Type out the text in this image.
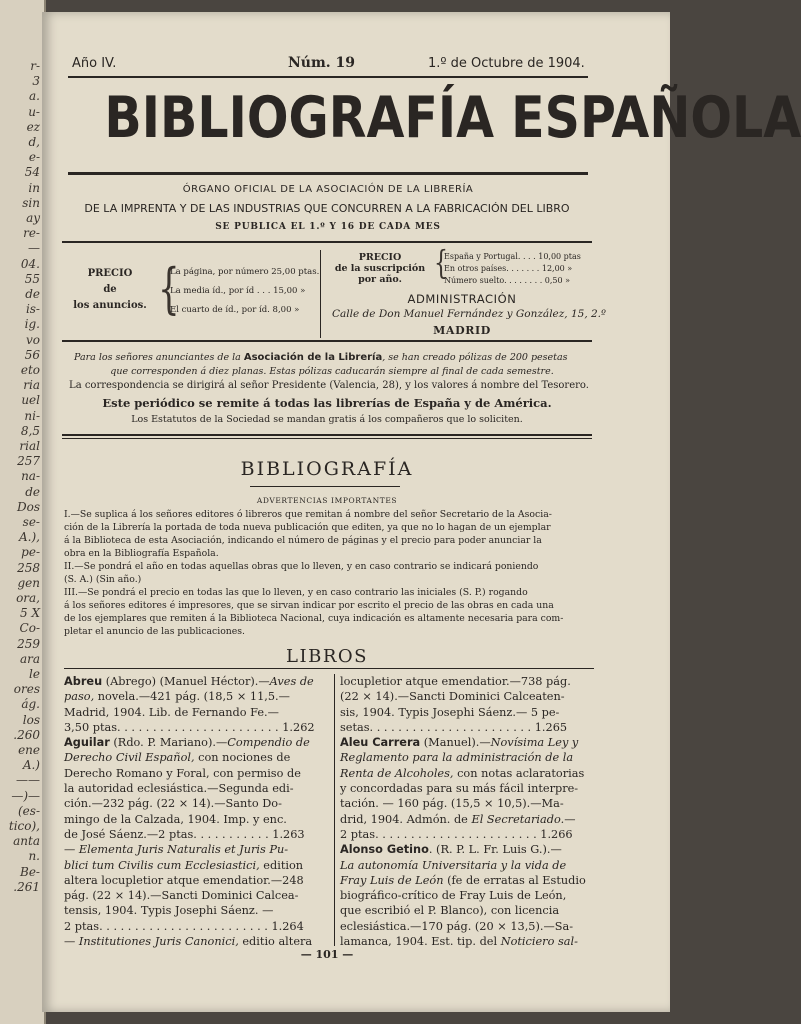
r-
3
a.
u-
ez
d,
e-
54
in
sin
ay
re-
—
04.
55
de
is-
ig.
vo
56
eto
ria
uel
ni-
8,5
rial
257
na-
de
Dos
se-
A.),
pe-
258
gen
ora,
5 X
Co-
259
ara
le
ores
ág.
los
.260
ene
A.)
——
—)—
(es-
tico),
anta
n.
Be-
.261
Año IV.	Núm. 19	1.º de Octubre de 1904.
BIBLIOGRAFÍA ESPAÑOLA
ÓRGANO OFICIAL DE LA ASOCIACIÓN DE LA LIBRERÍA
DE LA IMPRENTA Y DE LAS INDUSTRIAS QUE CONCURREN A LA FABRICACIÓN DEL LIBRO
SE PUBLICA EL 1.º Y 16 DE CADA MES
PRECIO
de
los anuncios. {
La página, por número 25,00 ptas.
La media íd., por íd . . . 15,00 »
El cuarto de íd., por íd. 8,00 »
PRECIO
de la suscripción
por año.	{
España y Portugal. . . . 10,00 ptas
En otros países. . . . . . . 12,00 »
Número suelto. . . . . . . . 0,50 »
ADMINISTRACIÓN
Calle de Don Manuel Fernández y González, 15, 2.º
MADRID
Para los señores anunciantes de la Asociación de la Librería, se han creado pólizas de 200 pesetas
que corresponden á diez planas. Estas pólizas caducarán siempre al final de cada semestre.
La correspondencia se dirigirá al señor Presidente (Valencia, 28), y los valores á nombre del Tesorero.
Este periódico se remite á todas las librerías de España y de América.
Los Estatutos de la Sociedad se mandan gratis á los compañeros que lo soliciten.
BIBLIOGRAFÍA
ADVERTENCIAS IMPORTANTES
I.—Se suplica á los señores editores ó libreros que remitan á nombre del señor Secretario de la Asocia-
ción de la Librería la portada de toda nueva publicación que editen, ya que no lo hagan de un ejemplar
á la Biblioteca de esta Asociación, indicando el número de páginas y el precio para poder anunciar la
obra en la Bibliografía Española.
II.—Se pondrá el año en todas aquellas obras que lo lleven, y en caso contrario se indicará poniendo
(S. A.) (Sin año.)
III.—Se pondrá el precio en todas las que lo lleven, y en caso contrario las iniciales (S. P.) rogando
á los señores editores é impresores, que se sirvan indicar por escrito el precio de las obras en cada una
de los ejemplares que remiten á la Biblioteca Nacional, cuya indicación es altamente necesaria para com-
pletar el anuncio de las publicaciones.
LIBROS
Abreu (Abrego) (Manuel Héctor).—Aves de
paso, novela.—421 pág. (18,5 × 11,5.—
Madrid, 1904. Lib. de Fernando Fe.—
3,50 ptas. . . . . . . . . . . . . . . . . . . . . . . 1.262
Aguilar (Rdo. P. Mariano).—Compendio de
Derecho Civil Español, con nociones de
Derecho Romano y Foral, con permiso de
la autoridad eclesiástica.—Segunda edi-
ción.—232 pág. (22 × 14).—Santo Do-
mingo de la Calzada, 1904. Imp. y enc.
de José Sáenz.—2 ptas. . . . . . . . . . . 1.263
— Elementa Juris Naturalis et Juris Pu-
blici tum Civilis cum Ecclesiastici, edition
altera locupletior atque emendatior.—248
pág. (22 × 14).—Sancti Dominici Calcea-
tensis, 1904. Typis Josephi Sáenz. —
2 ptas. . . . . . . . . . . . . . . . . . . . . . . . 1.264
— Institutiones Juris Canonici, editio altera
locupletior atque emendatior.—738 pág.
(22 × 14).—Sancti Dominici Calceaten-
sis, 1904. Typis Josephi Sáenz.— 5 pe-
setas. . . . . . . . . . . . . . . . . . . . . . . 1.265
Aleu Carrera (Manuel).—Novísima Ley y
Reglamento para la administración de la
Renta de Alcoholes, con notas aclaratorias
y concordadas para su más fácil interpre-
tación. — 160 pág. (15,5 × 10,5).—Ma-
drid, 1904. Admón. de El Secretariado.—
2 ptas. . . . . . . . . . . . . . . . . . . . . . . 1.266
Alonso Getino. (R. P. L. Fr. Luis G.).—
La autonomía Universitaria y la vida de
Fray Luis de León (fe de erratas al Estudio
biográfico-crítico de Fray Luis de León,
que escribió el P. Blanco), con licencia
eclesiástica.—170 pág. (20 × 13,5).—Sa-
lamanca, 1904. Est. tip. del Noticiero sal-
— 101 —
